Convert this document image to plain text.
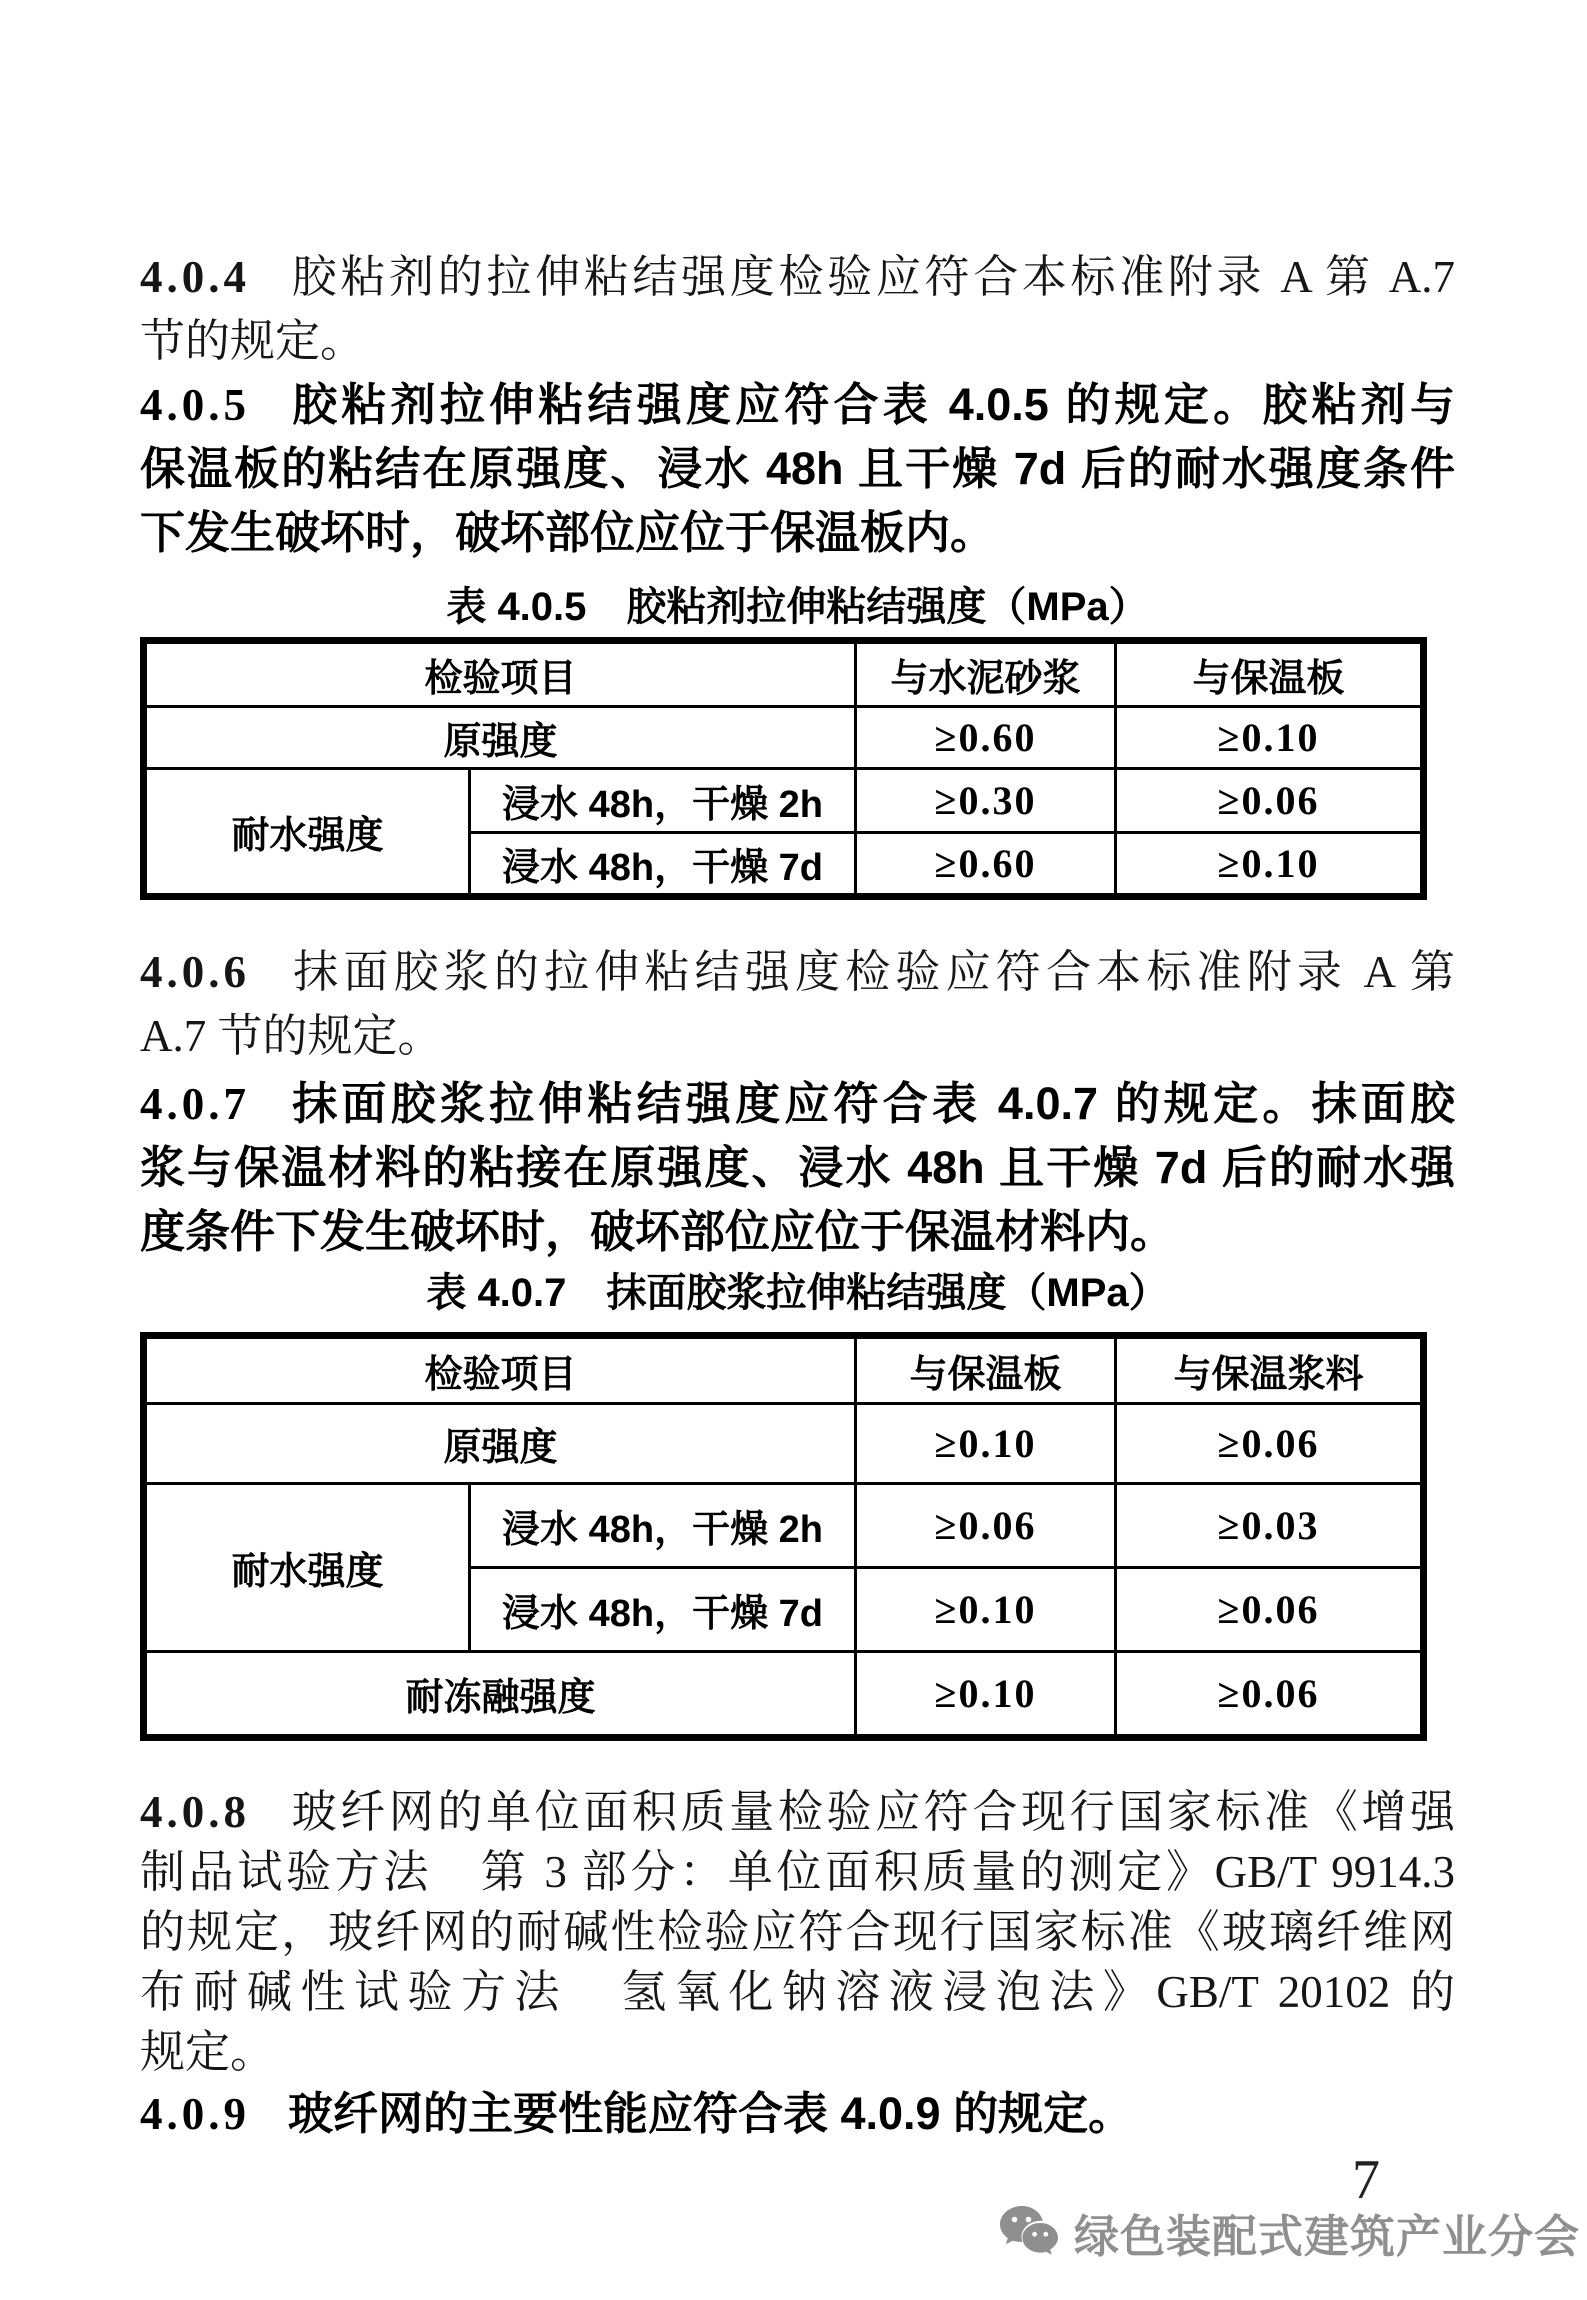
4.0.4 胶粘剂的拉伸粘结强度检验应符合本标准附录 A 第 A.7
节的规定。
4.0.5 胶粘剂拉伸粘结强度应符合表 4.0.5 的规定。胶粘剂与
保温板的粘结在原强度、浸水 48h 且干燥 7d 后的耐水强度条件
下发生破坏时，破坏部位应位于保温板内。
表 4.0.5　胶粘剂拉伸粘结强度（MPa）
检验项目		与水泥砂浆	与保温板
原强度		≥0.60	≥0.10
耐水强度	浸水 48h，干燥 2h	≥0.30	≥0.06
	浸水 48h，干燥 7d	≥0.60	≥0.10
4.0.6 抹面胶浆的拉伸粘结强度检验应符合本标准附录 A 第
A.7 节的规定。
4.0.7 抹面胶浆拉伸粘结强度应符合表 4.0.7 的规定。抹面胶
浆与保温材料的粘接在原强度、浸水 48h 且干燥 7d 后的耐水强
度条件下发生破坏时，破坏部位应位于保温材料内。
表 4.0.7　抹面胶浆拉伸粘结强度（MPa）
检验项目		与保温板	与保温浆料
原强度		≥0.10	≥0.06
耐水强度	浸水 48h，干燥 2h	≥0.06	≥0.03
	浸水 48h，干燥 7d	≥0.10	≥0.06
耐冻融强度		≥0.10	≥0.06
4.0.8 玻纤网的单位面积质量检验应符合现行国家标准《增强
制品试验方法　第 3 部分：单位面积质量的测定》GB/T 9914.3
的规定，玻纤网的耐碱性检验应符合现行国家标准《玻璃纤维网
布耐碱性试验方法　氢氧化钠溶液浸泡法》GB/T 20102 的
规定。
4.0.9 玻纤网的主要性能应符合表 4.0.9 的规定。
7
绿色装配式建筑产业分会
